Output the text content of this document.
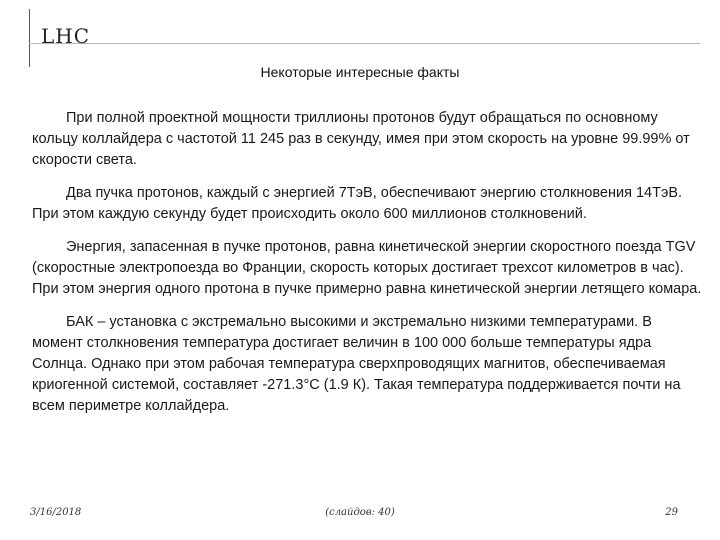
LHC
Некоторые интересные факты

При полной проектной мощности триллионы протонов будут обращаться по основному кольцу коллайдера с частотой 11 245 раз в секунду, имея при этом скорость на уровне 99.99% от скорости света.

Два пучка протонов, каждый с энергией 7ТэВ, обеспечивают энергию столкновения 14ТэВ. При этом каждую секунду будет происходить около 600 миллионов столкновений.

Энергия, запасенная в пучке протонов, равна кинетической энергии скоростного поезда TGV (скоростные электропоезда во Франции, скорость которых достигает трехсот километров в час). При этом энергия одного протона в пучке примерно равна кинетической энергии летящего комара.

БАК – установка с экстремально высокими и экстремально низкими температурами. В момент столкновения температура достигает величин в 100 000 больше температуры ядра Солнца. Однако при этом рабочая температура сверхпроводящих магнитов, обеспечиваемая криогенной системой, составляет -271.3°С (1.9 К). Такая температура поддерживается почти на всем периметре коллайдера.

3/16/2018	(слайдов: 40)	29
